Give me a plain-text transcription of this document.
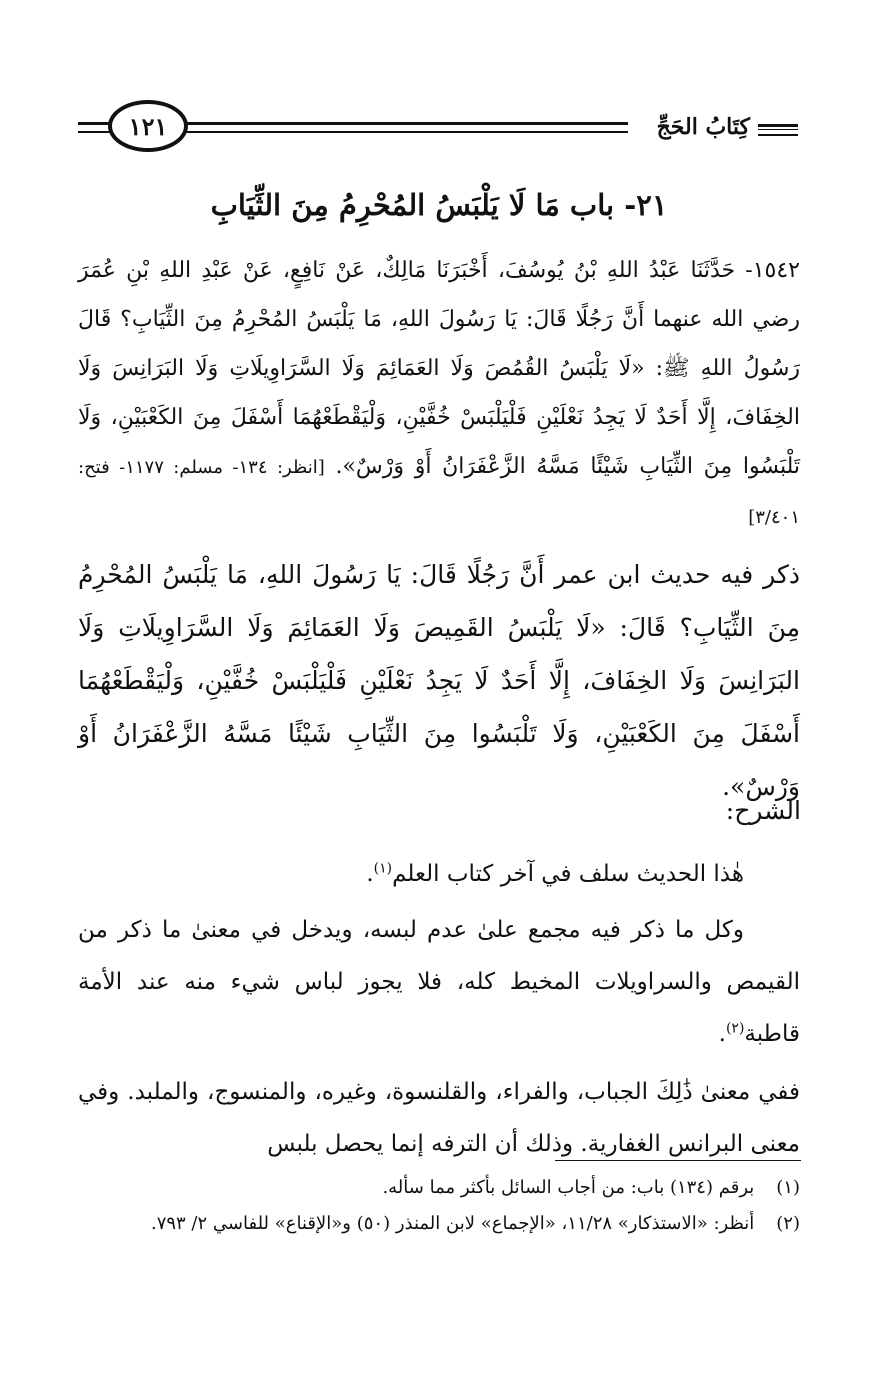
كِتَابُ الحَجِّ
١٢١
٢١- باب مَا لَا يَلْبَسُ المُحْرِمُ مِنَ الثِّيَابِ
١٥٤٢- حَدَّثَنَا عَبْدُ اللهِ بْنُ يُوسُفَ، أَخْبَرَنَا مَالِكٌ، عَنْ نَافِعٍ، عَنْ عَبْدِ اللهِ بْنِ عُمَرَ رضي الله عنهما أَنَّ رَجُلًا قَالَ: يَا رَسُولَ اللهِ، مَا يَلْبَسُ المُحْرِمُ مِنَ الثِّيَابِ؟ قَالَ رَسُولُ اللهِ ﷺ: «لَا يَلْبَسُ القُمُصَ وَلَا العَمَائِمَ وَلَا السَّرَاوِيلَاتِ وَلَا البَرَانِسَ وَلَا الخِفَافَ، إِلَّا أَحَدٌ لَا يَجِدُ نَعْلَيْنِ فَلْيَلْبَسْ خُفَّيْنِ، وَلْيَقْطَعْهُمَا أَسْفَلَ مِنَ الكَعْبَيْنِ، وَلَا تَلْبَسُوا مِنَ الثِّيَابِ شَيْئًا مَسَّهُ الزَّعْفَرَانُ أَوْ وَرْسٌ». [انظر: ١٣٤- مسلم: ١١٧٧- فتح: ٣/٤٠١]
ذكر فيه حديث ابن عمر أَنَّ رَجُلًا قَالَ: يَا رَسُولَ اللهِ، مَا يَلْبَسُ المُحْرِمُ مِنَ الثِّيَابِ؟ قَالَ: «لَا يَلْبَسُ القَمِيصَ وَلَا العَمَائِمَ وَلَا السَّرَاوِيلَاتِ وَلَا البَرَانِسَ وَلَا الخِفَافَ، إِلَّا أَحَدٌ لَا يَجِدُ نَعْلَيْنِ فَلْيَلْبَسْ خُفَّيْنِ، وَلْيَقْطَعْهُمَا أَسْفَلَ مِنَ الكَعْبَيْنِ، وَلَا تَلْبَسُوا مِنَ الثِّيَابِ شَيْئًا مَسَّهُ الزَّعْفَرَانُ أَوْ وَرْسٌ».
الشرح:
هٰذا الحديث سلف في آخر كتاب العلم$^{(١)}$.
وكل ما ذكر فيه مجمع علىٰ عدم لبسه، ويدخل في معنىٰ ما ذكر من القيمص والسراويلات المخيط كله، فلا يجوز لباس شيء منه عند الأمة قاطبة$^{(٢)}$.
ففي معنىٰ ذَٰلِكَ الجباب، والفراء، والقلنسوة، وغيره، والمنسوج، والملبد. وفي معنى البرانس الغفارية. وذلك أن الترفه إنما يحصل بلبس
(١) برقم (١٣٤) باب: من أجاب السائل بأكثر مما سأله.
(٢) أنظر: «الاستذكار» ١١/٢٨، «الإجماع» لابن المنذر (٥٠) و«الإقناع» للفاسي ٢/ ٧٩٣.
